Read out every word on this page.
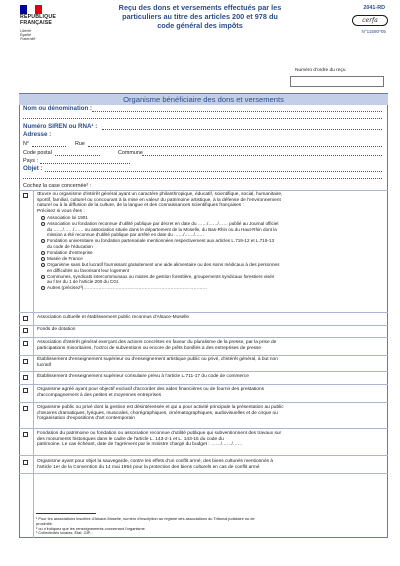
RÉPUBLIQUE
FRANÇAISE
Liberté
Égalité
Fraternité
Reçu des dons et versements effectués par les
particuliers au titre des articles 200 et 978 du
code général des impôts
2041-RD
cerfa
N°11580*05
Numéro d'ordre du reçu
Organisme bénéficiaire des dons et versements
Nom ou dénomination :
Numéro SIREN ou RNA¹ :
Adresse :
N°	Rue
Code postal	Commune
Pays :
Objet :
Cochez la case concernée² :
Œuvre ou organisme d'intérêt général ayant un caractère philanthropique, éducatif, scientifique, social, humanitaire,
sportif, familial, culturel ou concourant à la mise en valeur du patrimoine artistique, à la défense de l'environnement
naturel ou à la diffusion de la culture, de la langue et des connaissances scientifiques françaises :
Précisez si vous êtes :
Association loi 1901
Association ou fondation reconnue d'utilité publique par décret en date du ……/……/…… publié au Journal officiel
du ……/……/…… ou association située dans le département de la Moselle, du Bas-Rhin ou du Haut-Rhin dont la
mission a été reconnue d'utilité publique par arrêté en date du ……/……/……
Fondation universitaire ou fondation partenariale mentionnées respectivement aux articles L.719-12 et L.719-13
du code de l'éducation
Fondation d'entreprise
Musée de France
Organisme sans but lucratif fournissant gratuitement une aide alimentaire ou des soins médicaux à des personnes
en difficultés ou favorisant leur logement
Communes, syndicats intercommunaux ou mixtes de gestion forestière, groupements syndicaux forestiers visés
au f ter du 1 de l'article 200 du CGI.
Autres (précisez³)………………………………………………………………………
Association cultuelle et établissement public reconnus d'Alsace-Moselle
Fonds de dotation
Association d'intérêt général exerçant des actions concrètes en faveur du pluralisme de la presse, par la prise de
participations minoritaires, l'octroi de subventions ou encore de prêts bonifiés à des entreprises de presse
Établissement d'enseignement supérieur ou d'enseignement artistique public ou privé, d'intérêt général, à but non
lucratif
Établissement d'enseignement supérieur consulaire prévu à l'article L.711-17 du code de commerce
Organisme agréé ayant pour objectif exclusif d'accorder des aides financières ou de fournir des prestations
d'accompagnement à des petites et moyennes entreprises
Organisme public ou privé dont la gestion est désintéressée et qui a pour activité principale la présentation au public
d'œuvres dramatiques, lyriques, musicales, chorégraphiques, cinématographiques, audiovisuelles et de cirque ou
l'organisation d'expositions d'art contemporain
Fondation du patrimoine ou fondation ou association reconnue d'utilité publique qui subventionnent des travaux sur
des monuments historiques dans le cadre de l'article L. 143-2-1 et L. 143-15 du code du
patrimoine. Le cas échéant, date de l'agrément par le ministre chargé du budget : ……/……/……
Organisme ayant pour objet la sauvegarde, contre les effets d'un conflit armé, des biens culturels mentionnés à
l'article 1er de la Convention du 14 mai 1954 pour la protection des biens culturels en cas de conflit armé
¹ Pour les associations inscrites d'Alsace-Moselle, numéro d'inscription au registre des associations du Tribunal judiciaire ou de
proximité.
² ou n'indiquez que les renseignements concernant l'organisme
³ Collectivités locales, État, GIP...
